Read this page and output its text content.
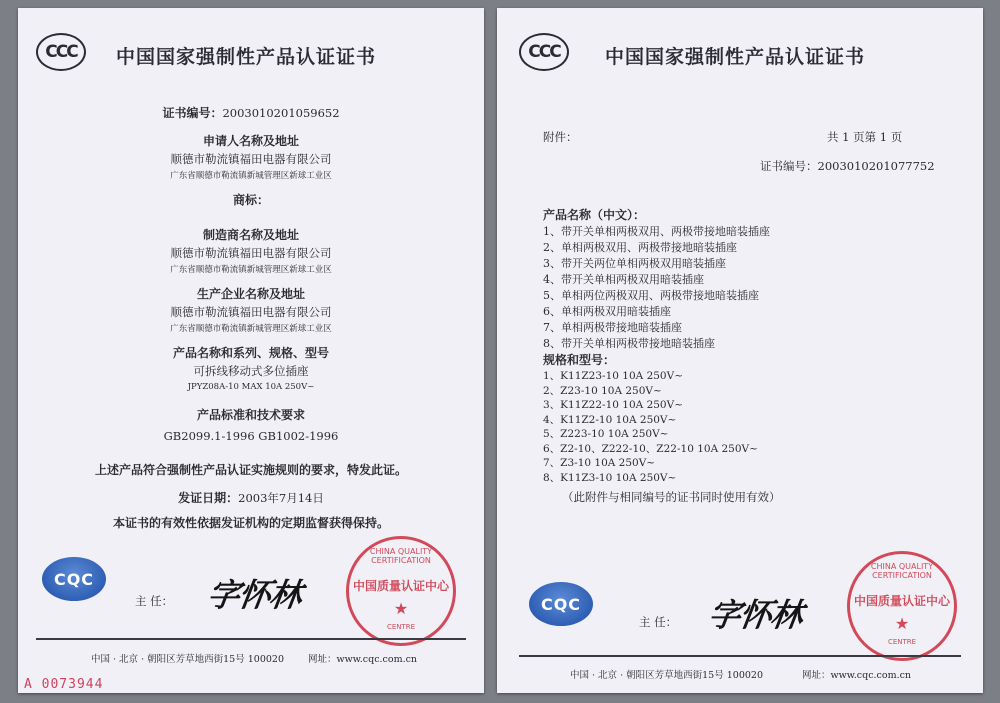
CCC	中国国家强制性产品认证证书
证书编号：2003010201059652
申请人名称及地址
顺德市勒流镇福田电器有限公司
广东省顺德市勒流镇新城管理区新球工业区
商标：
制造商名称及地址
顺德市勒流镇福田电器有限公司
广东省顺德市勒流镇新城管理区新球工业区
生产企业名称及地址
顺德市勒流镇福田电器有限公司
广东省顺德市勒流镇新城管理区新球工业区
产品名称和系列、规格、型号
可拆线移动式多位插座
JPYZ08A-10 MAX 10A 250V~
产品标准和技术要求
GB2099.1-1996 GB1002-1996
上述产品符合强制性产品认证实施规则的要求，特发此证。
发证日期：2003年7月14日
本证书的有效性依据发证机构的定期监督获得保持。
CQC
主 任： 字怀林
CHINA QUALITY CERTIFICATION
中国质量认证中心
★
CENTRE
中国 · 北京 · 朝阳区芳草地西街15号 100020	网址：www.cqc.com.cn
A 0073944
CCC	中国国家强制性产品认证证书
附件：	共 1 页第 1 页
证书编号：2003010201077752
产品名称（中文）：
1、带开关单相两极双用、两极带接地暗装插座
2、单相两极双用、两极带接地暗装插座
3、带开关两位单相两极双用暗装插座
4、带开关单相两极双用暗装插座
5、单相两位两极双用、两极带接地暗装插座
6、单相两极双用暗装插座
7、单相两极带接地暗装插座
8、带开关单相两极带接地暗装插座
规格和型号：
1、K11Z23-10 10A 250V~
2、Z23-10 10A 250V~
3、K11Z22-10 10A 250V~
4、K11Z2-10 10A 250V~
5、Z223-10 10A 250V~
6、Z2-10、Z222-10、Z22-10 10A 250V~
7、Z3-10 10A 250V~
8、K11Z3-10 10A 250V~
（此附件与相同编号的证书同时使用有效）
CQC
主 任： 字怀林
CHINA QUALITY CERTIFICATION
中国质量认证中心
★
CENTRE
中国 · 北京 · 朝阳区芳草地西街15号 100020	网址：www.cqc.com.cn
